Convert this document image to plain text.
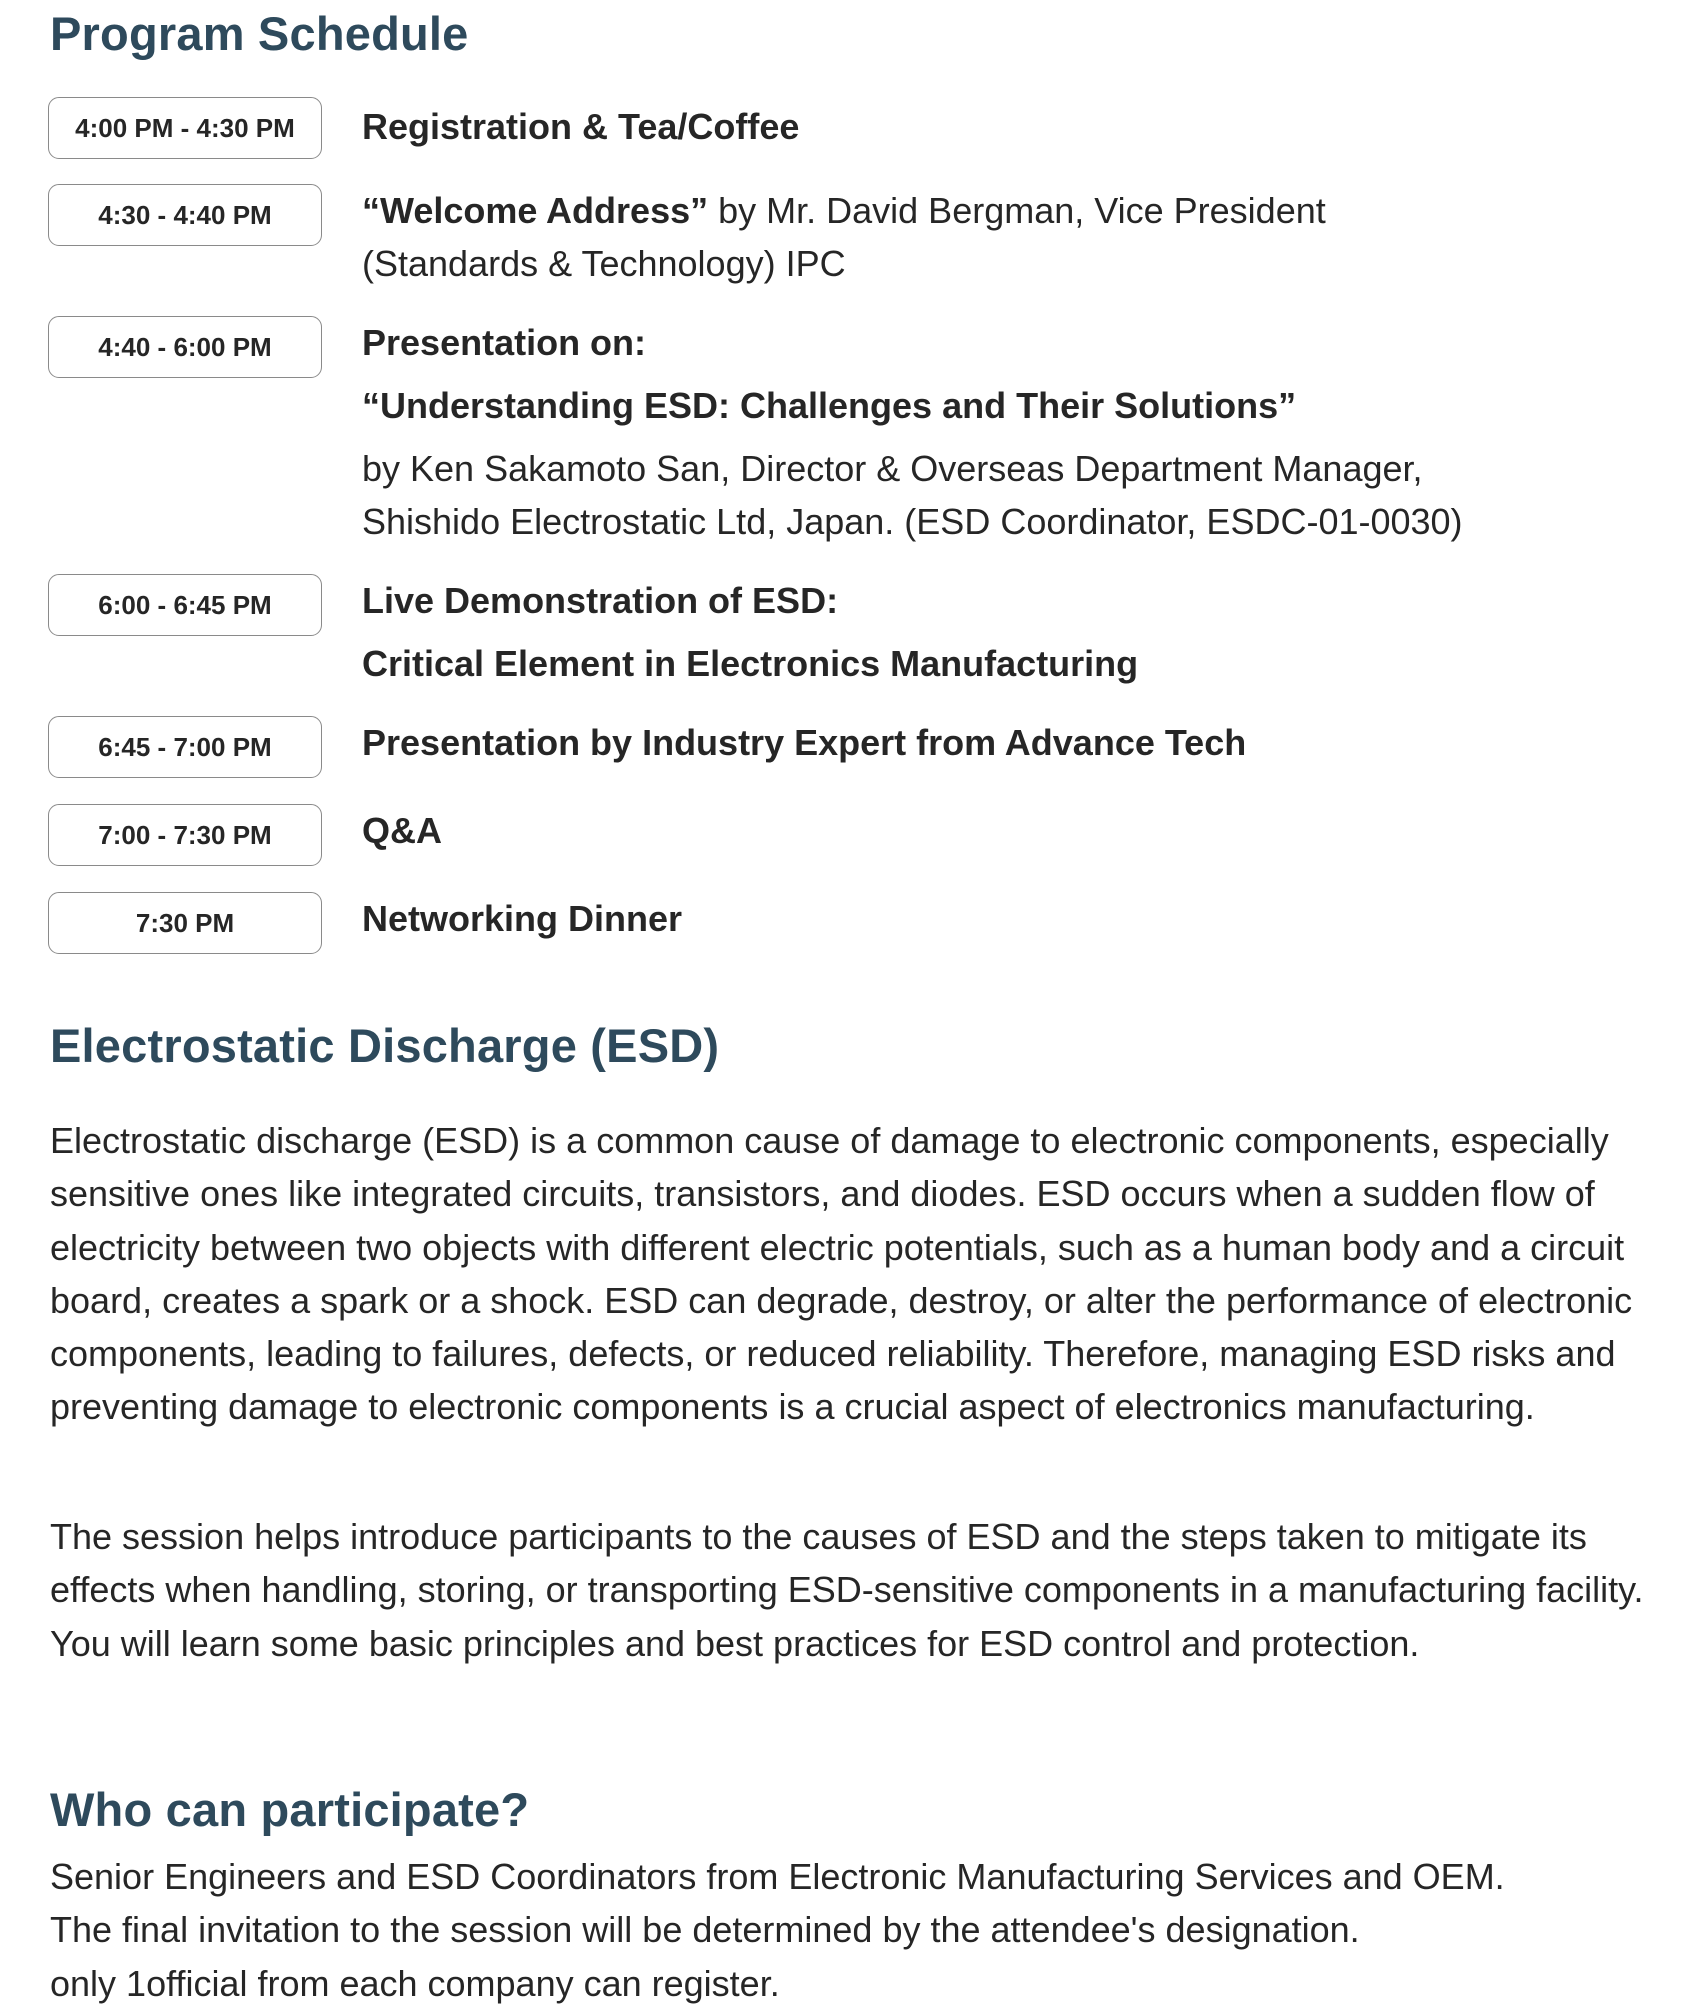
Program Schedule
4:00 PM - 4:30 PM	Registration & Tea/Coffee
4:30 - 4:40 PM	“Welcome Address” by Mr. David Bergman, Vice President
(Standards & Technology) IPC
4:40 - 6:00 PM	Presentation on:
“Understanding ESD: Challenges and Their Solutions”
by Ken Sakamoto San, Director & Overseas Department Manager,
Shishido Electrostatic Ltd, Japan. (ESD Coordinator, ESDC-01-0030)
6:00 - 6:45 PM	Live Demonstration of ESD:
Critical Element in Electronics Manufacturing
6:45 - 7:00 PM	Presentation by Industry Expert from Advance Tech
7:00 - 7:30 PM	Q&A
7:30 PM	Networking Dinner
Electrostatic Discharge (ESD)

Electrostatic discharge (ESD) is a common cause of damage to electronic components, especially sensitive ones like integrated circuits, transistors, and diodes. ESD occurs when a sudden flow of electricity between two objects with different electric potentials, such as a human body and a circuit board, creates a spark or a shock. ESD can degrade, destroy, or alter the performance of electronic components, leading to failures, defects, or reduced reliability. Therefore, managing ESD risks and preventing damage to electronic components is a crucial aspect of electronics manufacturing.

The session helps introduce participants to the causes of ESD and the steps taken to mitigate its effects when handling, storing, or transporting ESD-sensitive components in a manufacturing facility. You will learn some basic principles and best practices for ESD control and protection.

Who can participate?
Senior Engineers and ESD Coordinators from Electronic Manufacturing Services and OEM.
The final invitation to the session will be determined by the attendee's designation.
only 1official from each company can register.
